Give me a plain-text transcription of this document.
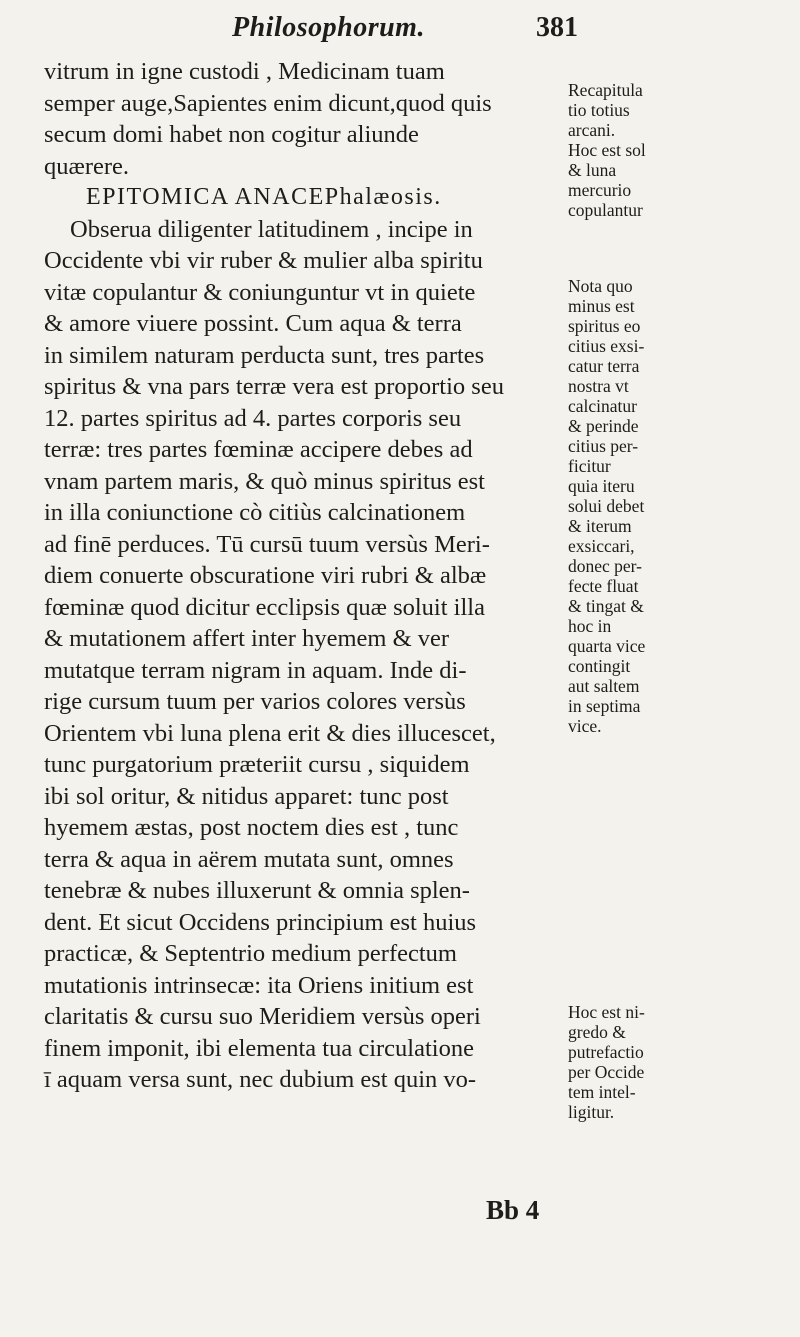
Philosophorum.	381
vitrum in igne custodi , Medicinam tuam
semper auge,Sapientes enim dicunt,quod quis
secum domi habet non cogitur aliunde
quærere.
EPITOMICA ANACEPhalæosis.
Obserua diligenter latitudinem , incipe in
Occidente vbi vir ruber & mulier alba spiritu
vitæ copulantur & coniunguntur vt in quiete
& amore viuere possint. Cum aqua & terra
in similem naturam perducta sunt, tres partes
spiritus & vna pars terræ vera est proportio seu
12. partes spiritus ad 4. partes corporis seu
terræ: tres partes fœminæ accipere debes ad
vnam partem maris, & quò minus spiritus est
in illa coniunctione cò citiùs calcinationem
ad finē perduces. Tū cursū tuum versùs Meri-
diem conuerte obscuratione viri rubri & albæ
fœminæ quod dicitur ecclipsis quæ soluit illa
& mutationem affert inter hyemem & ver
mutatque terram nigram in aquam. Inde di-
rige cursum tuum per varios colores versùs
Orientem vbi luna plena erit & dies illucescet,
tunc purgatorium præteriit cursu , siquidem
ibi sol oritur, & nitidus apparet: tunc post
hyemem æstas, post noctem dies est , tunc
terra & aqua in aërem mutata sunt, omnes
tenebræ & nubes illuxerunt & omnia splen-
dent. Et sicut Occidens principium est huius
practicæ, & Septentrio medium perfectum
mutationis intrinsecæ: ita Oriens initium est
claritatis & cursu suo Meridiem versùs operi
finem imponit, ibi elementa tua circulatione
ī aquam versa sunt, nec dubium est quin vo-
Recapitula
tio totius
arcani.
Hoc est sol
& luna
mercurio
copulantur
Nota quo
minus est
spiritus eo
citius exsi-
catur terra
nostra vt
calcinatur
& perinde
citius per-
ficitur
quia iteru
solui debet
& iterum
exsiccari,
donec per-
fecte fluat
& tingat &
hoc in
quarta vice
contingit
aut saltem
in septima
vice.
Hoc est ni-
gredo &
putrefactio
per Occide
tem intel-
ligitur.
Bb 4
